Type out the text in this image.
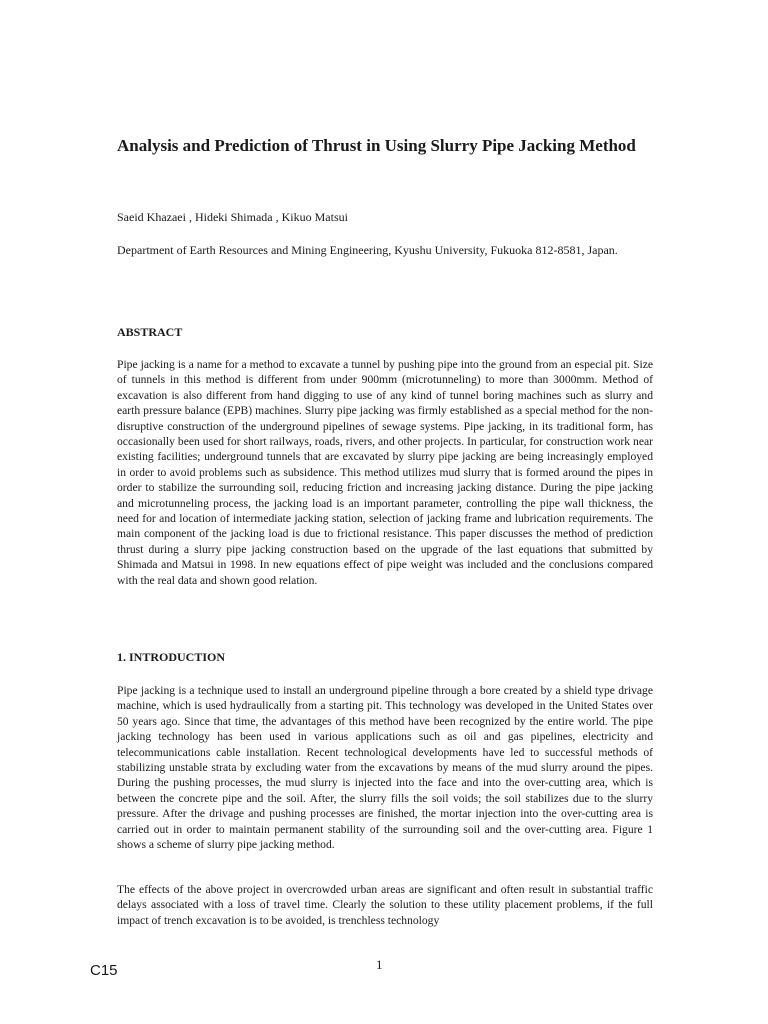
Analysis and Prediction of Thrust in Using Slurry Pipe Jacking Method

Saeid Khazaei , Hideki Shimada , Kikuo Matsui

Department of Earth Resources and Mining Engineering, Kyushu University, Fukuoka 812-8581, Japan.

ABSTRACT

Pipe jacking is a name for a method to excavate a tunnel by pushing pipe into the ground from an especial pit. Size of tunnels in this method is different from under 900mm (microtunneling) to more than 3000mm. Method of excavation is also different from hand digging to use of any kind of tunnel boring machines such as slurry and earth pressure balance (EPB) machines. Slurry pipe jacking was firmly established as a special method for the non-disruptive construction of the underground pipelines of sewage systems. Pipe jacking, in its traditional form, has occasionally been used for short railways, roads, rivers, and other projects. In particular, for construction work near existing facilities; underground tunnels that are excavated by slurry pipe jacking are being increasingly employed in order to avoid problems such as subsidence. This method utilizes mud slurry that is formed around the pipes in order to stabilize the surrounding soil, reducing friction and increasing jacking distance. During the pipe jacking and microtunneling process, the jacking load is an important parameter, controlling the pipe wall thickness, the need for and location of intermediate jacking station, selection of jacking frame and lubrication requirements. The main component of the jacking load is due to frictional resistance. This paper discusses the method of prediction thrust during a slurry pipe jacking construction based on the upgrade of the last equations that submitted by Shimada and Matsui in 1998. In new equations effect of pipe weight was included and the conclusions compared with the real data and shown good relation.

1. INTRODUCTION

Pipe jacking is a technique used to install an underground pipeline through a bore created by a shield type drivage machine, which is used hydraulically from a starting pit. This technology was developed in the United States over 50 years ago. Since that time, the advantages of this method have been recognized by the entire world. The pipe jacking technology has been used in various applications such as oil and gas pipelines, electricity and telecommunications cable installation. Recent technological developments have led to successful methods of stabilizing unstable strata by excluding water from the excavations by means of the mud slurry around the pipes. During the pushing processes, the mud slurry is injected into the face and into the over-cutting area, which is between the concrete pipe and the soil. After, the slurry fills the soil voids; the soil stabilizes due to the slurry pressure. After the drivage and pushing processes are finished, the mortar injection into the over-cutting area is carried out in order to maintain permanent stability of the surrounding soil and the over-cutting area. Figure 1 shows a scheme of slurry pipe jacking method.

The effects of the above project in overcrowded urban areas are significant and often result in substantial traffic delays associated with a loss of travel time. Clearly the solution to these utility placement problems, if the full impact of trench excavation is to be avoided, is trenchless technology

1

C15
